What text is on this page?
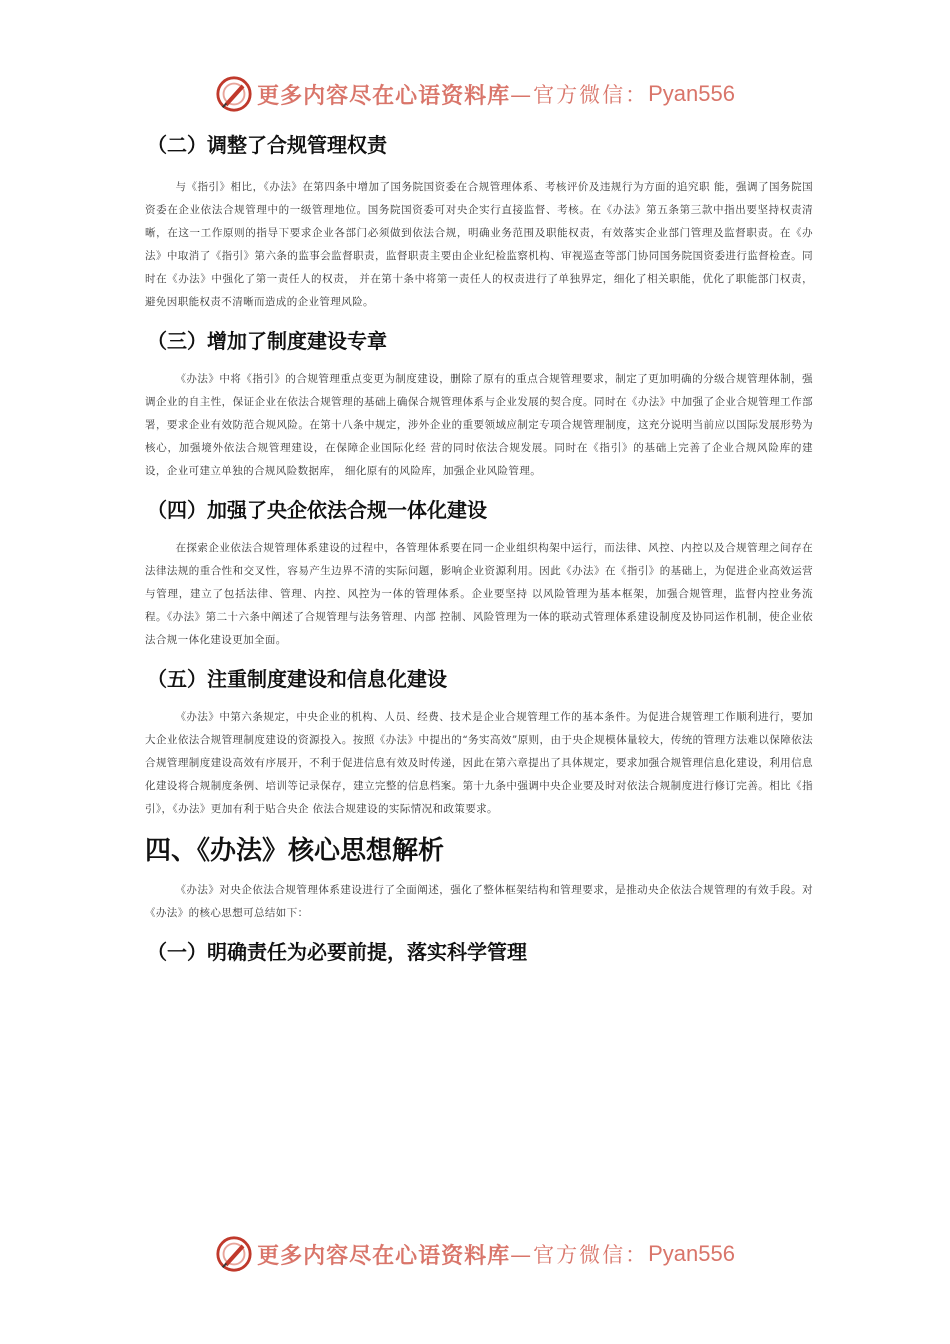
更多内容尽在心语资料库 —官方微信： Pyan556
（二）调整了合规管理权责

与《指引》相比，《办法》在第四条中增加了国务院国资委在合规管理体系、考核评价及违规行为方面的追究职 能，强调了国务院国资委在企业依法合规管理中的一级管理地位。国务院国资委可对央企实行直接监督、考核。在《办法》第五条第三款中指出要坚持权责清晰，在这一工作原则的指导下要求企业各部门必须做到依法合规，明确业务范围及职能权责，有效落实企业部门管理及监督职责。在《办法》中取消了《指引》第六条的监事会监督职责，监督职责主要由企业纪检监察机构、审视巡查等部门协同国务院国资委进行监督检查。同时在《办法》中强化了第一责任人的权责， 并在第十条中将第一责任人的权责进行了单独界定，细化了相关职能，优化了职能部门权责，避免因职能权责不清晰而造成的企业管理风险。

（三）增加了制度建设专章

《办法》中将《指引》的合规管理重点变更为制度建设，删除了原有的重点合规管理要求，制定了更加明确的分级合规管理体制，强调企业的自主性，保证企业在依法合规管理的基础上确保合规管理体系与企业发展的契合度。同时在《办法》中加强了企业合规管理工作部署，要求企业有效防范合规风险。在第十八条中规定，涉外企业的重要领域应制定专项合规管理制度，这充分说明当前应以国际发展形势为核心，加强境外依法合规管理建设，在保障企业国际化经 营的同时依法合规发展。同时在《指引》的基础上完善了企业合规风险库的建设，企业可建立单独的合规风险数据库， 细化原有的风险库，加强企业风险管理。

（四）加强了央企依法合规一体化建设

在探索企业依法合规管理体系建设的过程中，各管理体系要在同一企业组织构架中运行，而法律、风控、内控以及合规管理之间存在法律法规的重合性和交叉性，容易产生边界不清的实际问题，影响企业资源利用。因此《办法》在《指引》的基础上，为促进企业高效运营与管理，建立了包括法律、管理、内控、风控为一体的管理体系。企业要坚持 以风险管理为基本框架，加强合规管理，监督内控业务流程。《办法》第二十六条中阐述了合规管理与法务管理、内部 控制、风险管理为一体的联动式管理体系建设制度及协同运作机制，使企业依法合规一体化建设更加全面。

（五）注重制度建设和信息化建设

《办法》中第六条规定，中央企业的机构、人员、经费、技术是企业合规管理工作的基本条件。为促进合规管理工作顺利进行，要加大企业依法合规管理制度建设的资源投入。按照《办法》中提出的“务实高效”原则，由于央企规模体量较大，传统的管理方法难以保障依法合规管理制度建设高效有序展开，不利于促进信息有效及时传递，因此在第六章提出了具体规定，要求加强合规管理信息化建设，利用信息化建设将合规制度条例、培训等记录保存，建立完整的信息档案。第十九条中强调中央企业要及时对依法合规制度进行修订完善。相比《指引》，《办法》更加有利于贴合央企 依法合规建设的实际情况和政策要求。

四、《办法》核心思想解析

《办法》对央企依法合规管理体系建设进行了全面阐述，强化了整体框架结构和管理要求，是推动央企依法合规管理的有效手段。对《办法》的核心思想可总结如下：

（一）明确责任为必要前提，落实科学管理
更多内容尽在心语资料库 —官方微信： Pyan556
